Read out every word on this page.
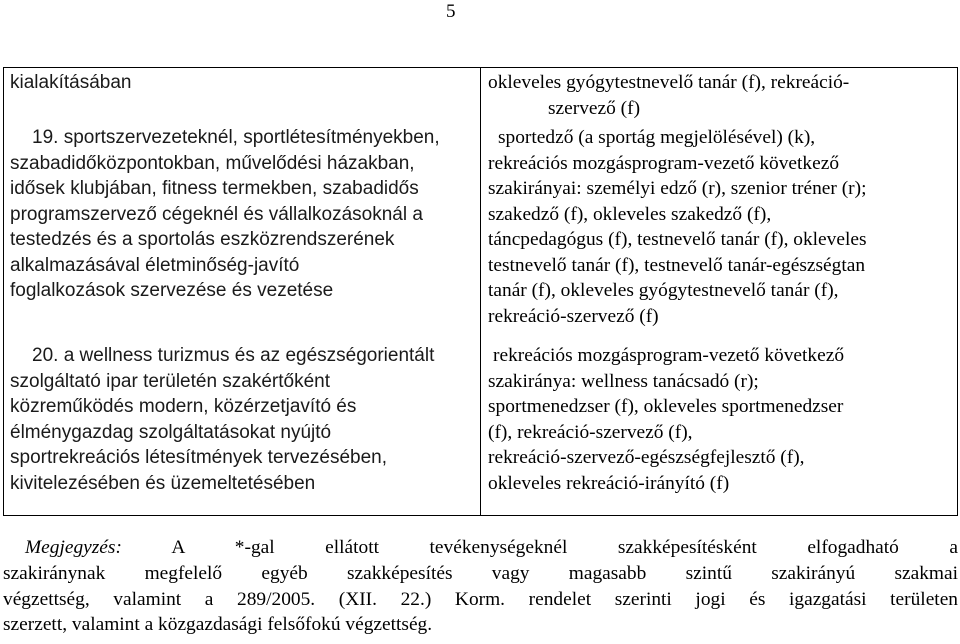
5
kialakításában
19. sportszervezeteknél, sportlétesítményekben,
szabadidőközpontokban, művelődési házakban,
idősek klubjában, fitness termekben, szabadidős
programszervező cégeknél és vállalkozásoknál a
testedzés és a sportolás eszközrendszerének
alkalmazásával életminőség-javító
foglalkozások szervezése és vezetése
20. a wellness turizmus és az egészségorientált
szolgáltató ipar területén szakértőként
közreműködés modern, közérzetjavító és
élménygazdag szolgáltatásokat nyújtó
sportrekreációs létesítmények tervezésében,
kivitelezésében és üzemeltetésében
okleveles gyógytestnevelő tanár (f), rekreáció-
szervező (f)
sportedző (a sportág megjelölésével) (k),
rekreációs mozgásprogram-vezető következő
szakirányai: személyi edző (r), szenior tréner (r);
szakedző (f), okleveles szakedző (f),
táncpedagógus (f), testnevelő tanár (f), okleveles
testnevelő tanár (f), testnevelő tanár-egészségtan
tanár (f), okleveles gyógytestnevelő tanár (f),
rekreáció-szervező (f)
rekreációs mozgásprogram-vezető következő
szakiránya: wellness tanácsadó (r);
sportmenedzser (f), okleveles sportmenedzser
(f), rekreáció-szervező (f),
rekreáció-szervező-egészségfejlesztő (f),
okleveles rekreáció-irányító (f)
Megjegyzés: A *-gal ellátott tevékenységeknél szakképesítésként elfogadható a
szakiránynak megfelelő egyéb szakképesítés vagy magasabb szintű szakirányú szakmai
végzettség, valamint a 289/2005. (XII. 22.) Korm. rendelet szerinti jogi és igazgatási területen
szerzett, valamint a közgazdasági felsőfokú végzettség.
